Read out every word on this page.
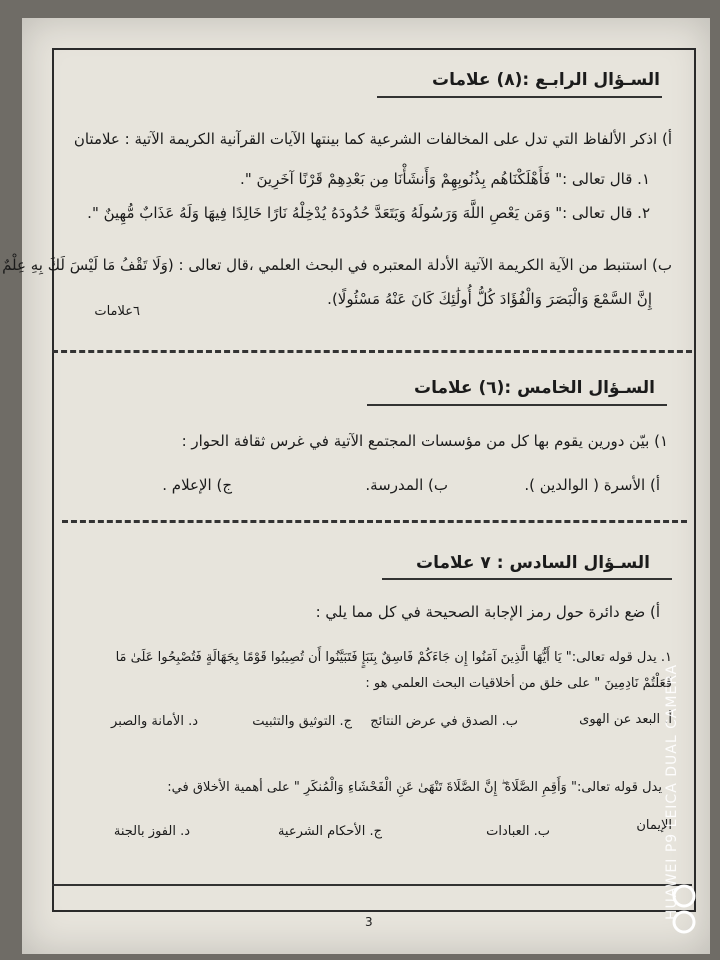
السـؤال الرابـع :(٨) علامات
أ) اذكر الألفاظ التي تدل على المخالفات الشرعية كما بينتها الآيات القرآنية الكريمة الآتية : علامتان
١. قال تعالى :" فَأَهْلَكْنَاهُم بِذُنُوبِهِمْ وَأَنشَأْنَا مِن بَعْدِهِمْ قَرْنًا آخَرِينَ ".
٢. قال تعالى :" وَمَن يَعْصِ اللَّهَ وَرَسُولَهُ وَيَتَعَدَّ حُدُودَهُ يُدْخِلْهُ نَارًا خَالِدًا فِيهَا وَلَهُ عَذَابٌ مُّهِينٌ ".
ب) استنبط من الآية الكريمة الآتية الأدلة المعتبره في البحث العلمي ،قال تعالى : (وَلَا تَقْفُ مَا لَيْسَ لَكَ بِهِ عِلْمٌ
إِنَّ السَّمْعَ وَالْبَصَرَ وَالْفُؤَادَ كُلُّ أُولَٰئِكَ كَانَ عَنْهُ مَسْئُولًا).
٦علامات
السـؤال الخامس :(٦) علامات
١) بيّن دورين يقوم بها كل من مؤسسات المجتمع الآتية في غرس ثقافة الحوار :
أ) الأسرة ( الوالدين ).
ب) المدرسة.
ج) الإعلام .
السـؤال السادس : ٧ علامات
أ) ضع دائرة حول رمز الإجابة الصحيحة في كل مما يلي :
١. يدل قوله تعالى:" يَا أَيُّهَا الَّذِينَ آمَنُوا إِن جَاءَكُمْ فَاسِقٌ بِنَبَإٍ فَتَبَيَّنُوا أَن تُصِيبُوا قَوْمًا بِجَهَالَةٍ فَتُصْبِحُوا عَلَىٰ مَا
فَعَلْتُمْ نَادِمِينَ " على خلق من أخلاقيات البحث العلمي هو :
أ. البعد عن الهوى
ب. الصدق في عرض النتائج
ج. التوثيق والتثبيت
د. الأمانة والصبر
يدل قوله تعالى:" وَأَقِمِ الصَّلَاةَ ۖ إِنَّ الصَّلَاةَ تَنْهَىٰ عَنِ الْفَحْشَاءِ وَالْمُنكَرِ " على أهمية الأخلاق في:
الإيمان
ب. العبادات
ج. الأحكام الشرعية
د. الفوز بالجنة
3
HUAWEI P9 LEICA DUAL CAMERA
